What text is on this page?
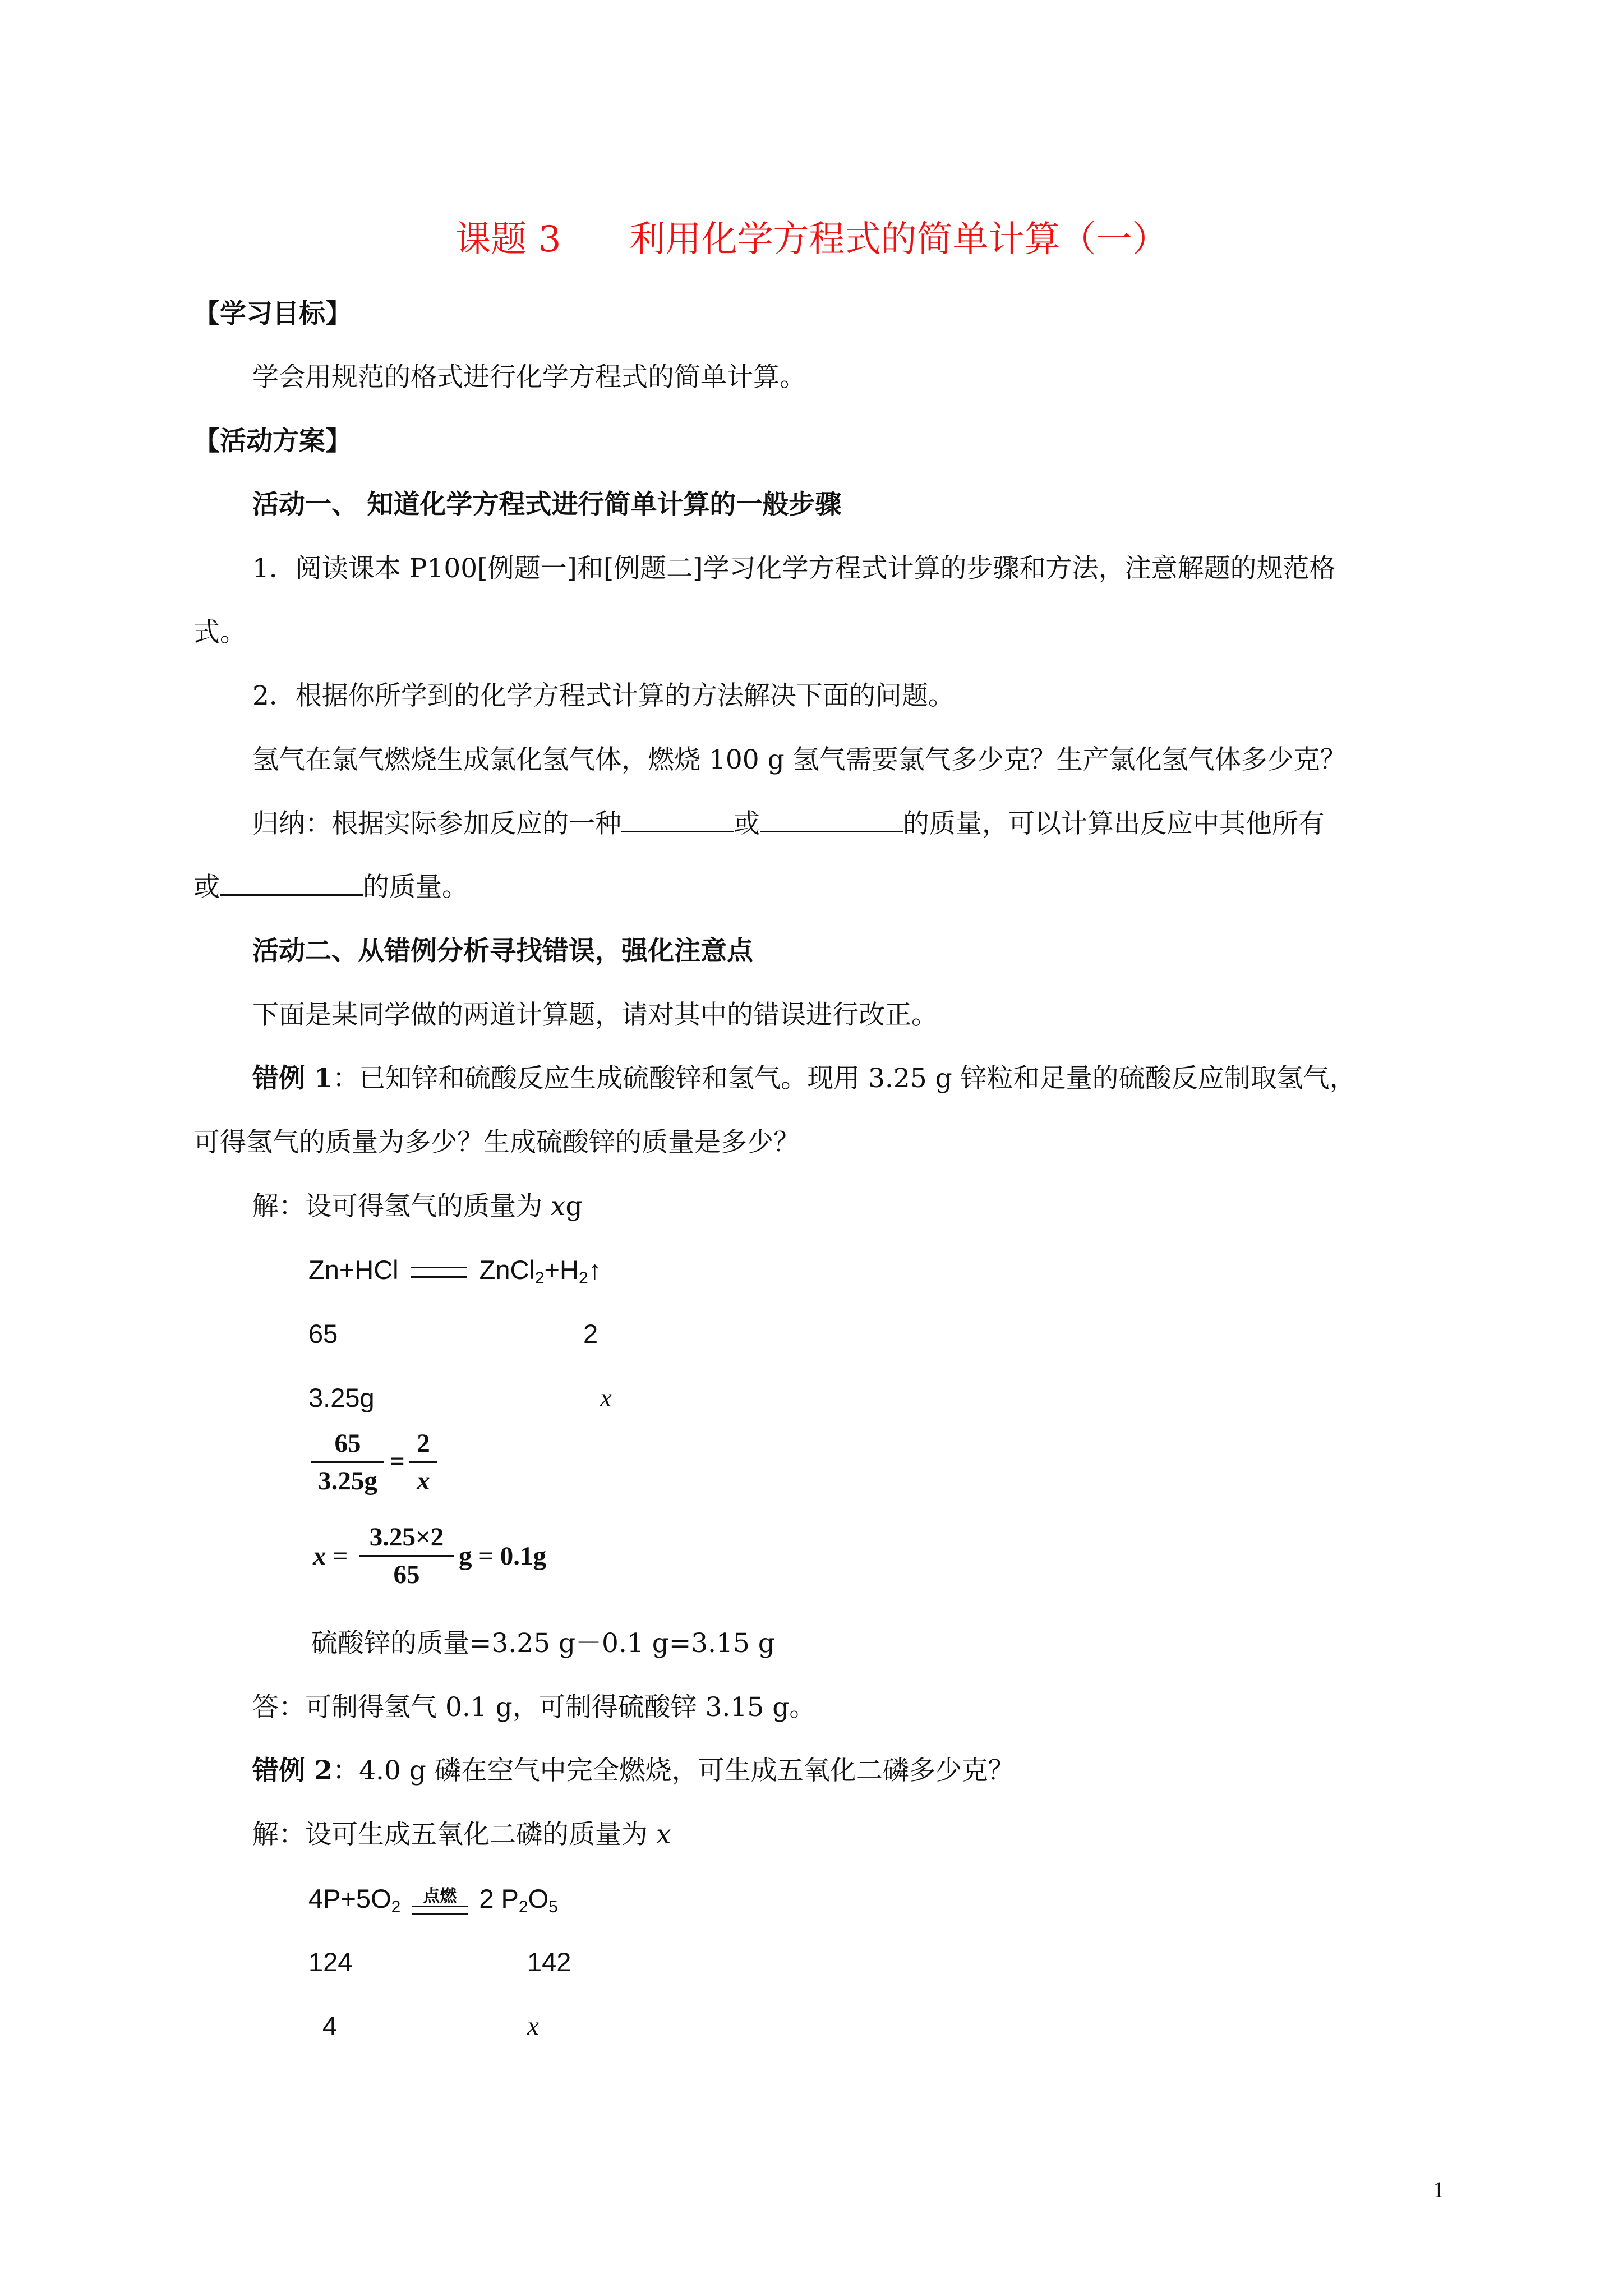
课题 3      利用化学方程式的简单计算（一）
【学习目标】
学会用规范的格式进行化学方程式的简单计算。
【活动方案】
活动一、 知道化学方程式进行简单计算的一般步骤
1．阅读课本 P100[例题一]和[例题二]学习化学方程式计算的步骤和方法，注意解题的规范格
式。
2．根据你所学到的化学方程式计算的方法解决下面的问题。
氢气在氯气燃烧生成氯化氢气体，燃烧 100 g 氢气需要氯气多少克？生产氯化氢气体多少克？
归纳：根据实际参加反应的一种	或	的质量，可以计算出反应中其他所有
或	的质量。
活动二、从错例分析寻找错误，强化注意点
下面是某同学做的两道计算题，请对其中的错误进行改正。
错例 1：已知锌和硫酸反应生成硫酸锌和氢气。现用 3.25 g 锌粒和足量的硫酸反应制取氢气，
可得氢气的质量为多少？生成硫酸锌的质量是多少？
解：设可得氢气的质量为 xg
Zn+HCl	$ZnCl_2+H_2↑$
65	2
3.25g	x
65
3.25g
=
2
x
x =
3.25×2
65
g = 0.1g
硫酸锌的质量=3.25 g－0.1 g=3.15 g
答：可制得氢气 0.1 g，可制得硫酸锌 3.15 g。
错例 2：4.0 g 磷在空气中完全燃烧，可生成五氧化二磷多少克？
解：设可生成五氧化二磷的质量为 x
$4P+5O_2$
点燃 2 $P_2O_5$
124	142
4	x
1
